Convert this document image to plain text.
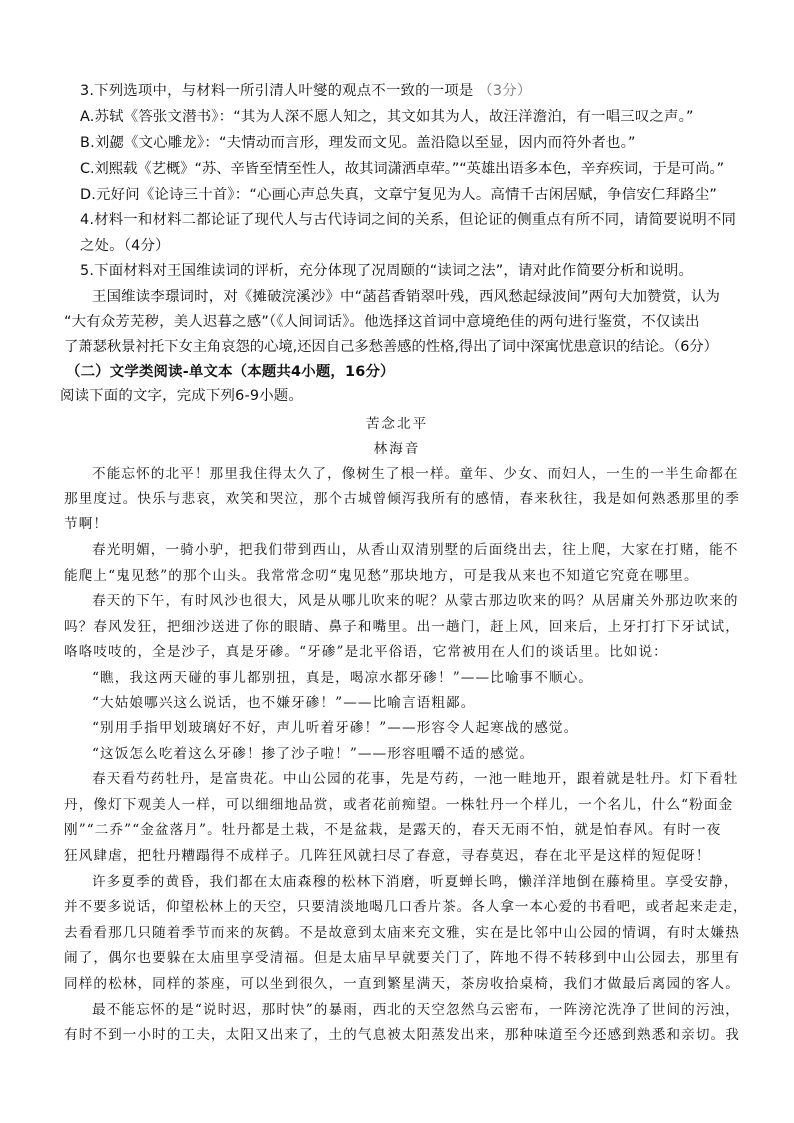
3.下列选项中，与材料一所引清人叶燮的观点不一致的一项是 （3分）
A.苏轼《答张文潜书》：“其为人深不愿人知之，其文如其为人，故汪洋澹泊，有一唱三叹之声。”
B.刘勰《文心雕龙》：“夫情动而言形，理发而文见。盖沿隐以至显，因内而符外者也。”
C.刘熙载《艺概》“苏、辛皆至情至性人，故其词潇洒卓荦。”“英雄出语多本色，辛弃疾词，于是可尚。”
D.元好问《论诗三十首》：“心画心声总失真，文章宁复见为人。高情千古闲居赋，争信安仁拜路尘”
4.材料一和材料二都论证了现代人与古代诗词之间的关系，但论证的侧重点有所不同，请简要说明不同
之处。（4分）
5.下面材料对王国维读词的评析，充分体现了况周颐的“读词之法”，请对此作简要分析和说明。
王国维读李璟词时，对《摊破浣溪沙》中“菡萏香销翠叶残，西风愁起绿波间”两句大加赞赏，认为
“大有众芳芜秽，美人迟暮之感”（《人间词话》。他选择这首词中意境绝佳的两句进行鉴赏，不仅读出
了萧瑟秋景衬托下女主角哀怨的心境,还因自己多愁善感的性格,得出了词中深寓忧患意识的结论。（6分）
（二）文学类阅读-单文本（本题共4小题，16分）
阅读下面的文字，完成下列6-9小题。
苦念北平
林海音
不能忘怀的北平！那里我住得太久了，像树生了根一样。童年、少女、而妇人，一生的一半生命都在
那里度过。快乐与悲哀，欢笑和哭泣，那个古城曾倾泻我所有的感情，春来秋往，我是如何熟悉那里的季
节啊！
春光明媚，一骑小驴，把我们带到西山，从香山双清别墅的后面绕出去，往上爬，大家在打赌，能不
能爬上“鬼见愁”的那个山头。我常常念叨“鬼见愁”那块地方，可是我从来也不知道它究竟在哪里。
春天的下午，有时风沙也很大，风是从哪儿吹来的呢？从蒙古那边吹来的吗？从居庸关外那边吹来的
吗？春风发狂，把细沙送进了你的眼睛、鼻子和嘴里。出一趟门，赶上风，回来后，上牙打打下牙试试，
咯咯吱吱的，全是沙子，真是牙碜。“牙碜”是北平俗语，它常被用在人们的谈话里。比如说：
“瞧，我这两天碰的事儿都别扭，真是，喝凉水都牙碜！”——比喻事不顺心。
“大姑娘哪兴这么说话，也不嫌牙碜！”——比喻言语粗鄙。
“别用手指甲划玻璃好不好，声儿听着牙碜！”——形容令人起寒战的感觉。
“这饭怎么吃着这么牙碜！掺了沙子啦！”——形容咀嚼不适的感觉。
春天看芍药牡丹，是富贵花。中山公园的花事，先是芍药，一池一畦地开，跟着就是牡丹。灯下看牡
丹，像灯下观美人一样，可以细细地品赏，或者花前痴望。一株牡丹一个样儿，一个名儿，什么“粉面金
刚”“二乔”“金盆落月”。牡丹都是土栽，不是盆栽，是露天的，春天无雨不怕，就是怕春风。有时一夜
狂风肆虐，把牡丹糟蹋得不成样子。几阵狂风就扫尽了春意，寻春莫迟，春在北平是这样的短促呀！
许多夏季的黄昏，我们都在太庙森穆的松林下消磨，听夏蝉长鸣，懒洋洋地倒在藤椅里。享受安静，
并不要多说话，仰望松林上的天空，只要清淡地喝几口香片茶。各人拿一本心爱的书看吧，或者起来走走，
去看看那几只随着季节而来的灰鹤。不是故意到太庙来充文雅，实在是比邻中山公园的情调，有时太嫌热
闹了，偶尔也要躲在太庙里享受清福。但是太庙早早就要关门了，阵地不得不转移到中山公园去，那里有
同样的松林，同样的茶座，可以坐到很久，一直到繁星满天，茶房收拾桌椅，我们才做最后离园的客人。
最不能忘怀的是“说时迟，那时快”的暴雨，西北的天空忽然乌云密布，一阵滂沱洗净了世间的污浊，
有时不到一小时的工夫，太阳又出来了，土的气息被太阳蒸发出来，那种味道至今还感到熟悉和亲切。我
